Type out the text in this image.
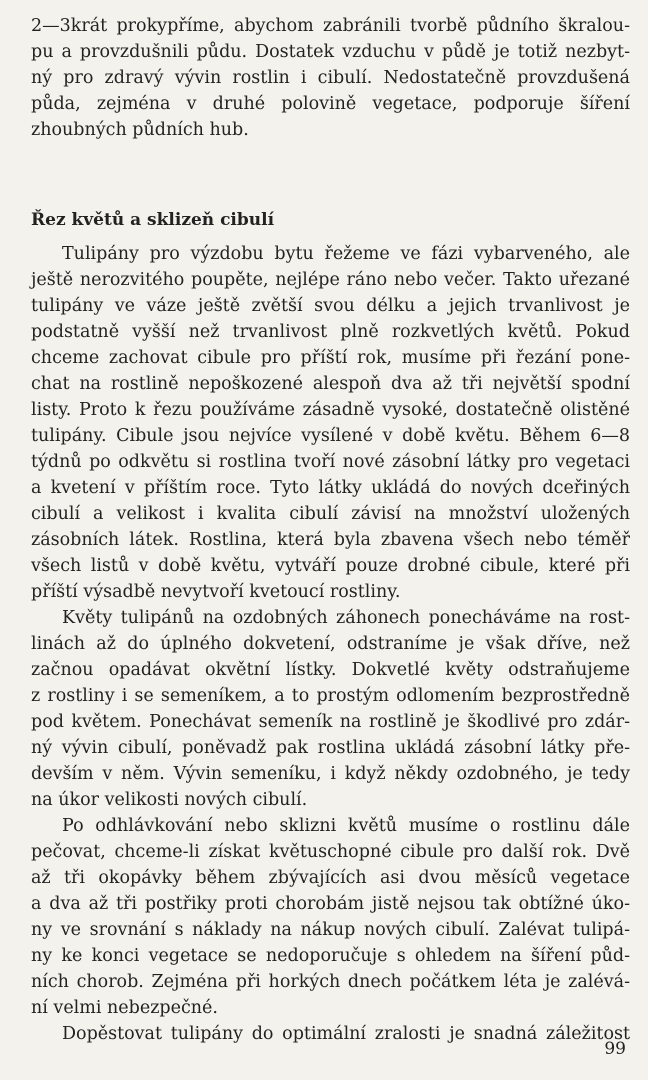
2—3krát prokypříme, abychom zabránili tvorbě půdního škralou-

pu a provzdušnili půdu. Dostatek vzduchu v půdě je totiž nezbyt-

ný pro zdravý vývin rostlin i cibulí. Nedostatečně provzdušená

půda, zejména v druhé polovině vegetace, podporuje šíření

zhoubných půdních hub.

Řez květů a sklizeň cibulí

Tulipány pro výzdobu bytu řežeme ve fázi vybarveného, ale

ještě nerozvitého poupěte, nejlépe ráno nebo večer. Takto uřezané

tulipány ve váze ještě zvětší svou délku a jejich trvanlivost je

podstatně vyšší než trvanlivost plně rozkvetlých květů. Pokud

chceme zachovat cibule pro příští rok, musíme při řezání pone-

chat na rostlině nepoškozené alespoň dva až tři největší spodní

listy. Proto k řezu používáme zásadně vysoké, dostatečně olistěné

tulipány. Cibule jsou nejvíce vysílené v době květu. Během 6—8

týdnů po odkvětu si rostlina tvoří nové zásobní látky pro vegetaci

a kvetení v příštím roce. Tyto látky ukládá do nových dceřiných

cibulí a velikost i kvalita cibulí závisí na množství uložených

zásobních látek. Rostlina, která byla zbavena všech nebo téměř

všech listů v době květu, vytváří pouze drobné cibule, které při

příští výsadbě nevytvoří kvetoucí rostliny.

Květy tulipánů na ozdobných záhonech ponecháváme na rost-

linách až do úplného dokvetení, odstraníme je však dříve, než

začnou opadávat okvětní lístky. Dokvetlé květy odstraňujeme

z rostliny i se semeníkem, a to prostým odlomením bezprostředně

pod květem. Ponechávat semeník na rostlině je škodlivé pro zdár-

ný vývin cibulí, poněvadž pak rostlina ukládá zásobní látky pře-

devším v něm. Vývin semeníku, i když někdy ozdobného, je tedy

na úkor velikosti nových cibulí.

Po odhlávkování nebo sklizni květů musíme o rostlinu dále

pečovat, chceme-li získat květuschopné cibule pro další rok. Dvě

až tři okopávky během zbývajících asi dvou měsíců vegetace

a dva až tři postřiky proti chorobám jistě nejsou tak obtížné úko-

ny ve srovnání s náklady na nákup nových cibulí. Zalévat tulipá-

ny ke konci vegetace se nedoporučuje s ohledem na šíření půd-

ních chorob. Zejména při horkých dnech počátkem léta je zalévá-

ní velmi nebezpečné.

Dopěstovat tulipány do optimální zralosti je snadná záležitost

99
